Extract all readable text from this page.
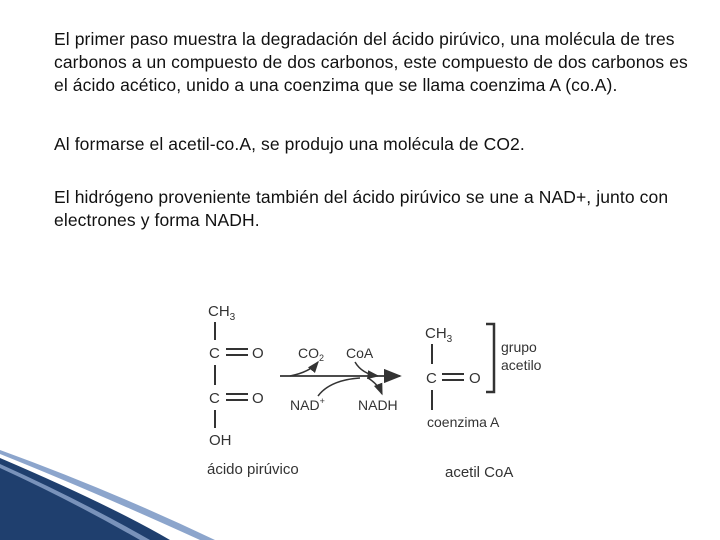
El primer paso muestra la degradación del ácido pirúvico, una molécula de tres carbonos a un compuesto de dos carbonos, este compuesto de dos carbonos es el ácido acético, unido a una coenzima que se llama coenzima A (co.A).
Al formarse el acetil-co.A, se produjo una molécula de CO2.
El hidrógeno proveniente también del ácido pirúvico se une a NAD+, junto con electrones y forma NADH.
$CH_3$
C O
C O
OH
ácido pirúvico
$CO_2$ CoA
NAD+ NADH
$CH_3$
C O
grupo
acetilo
coenzima A
acetil CoA
